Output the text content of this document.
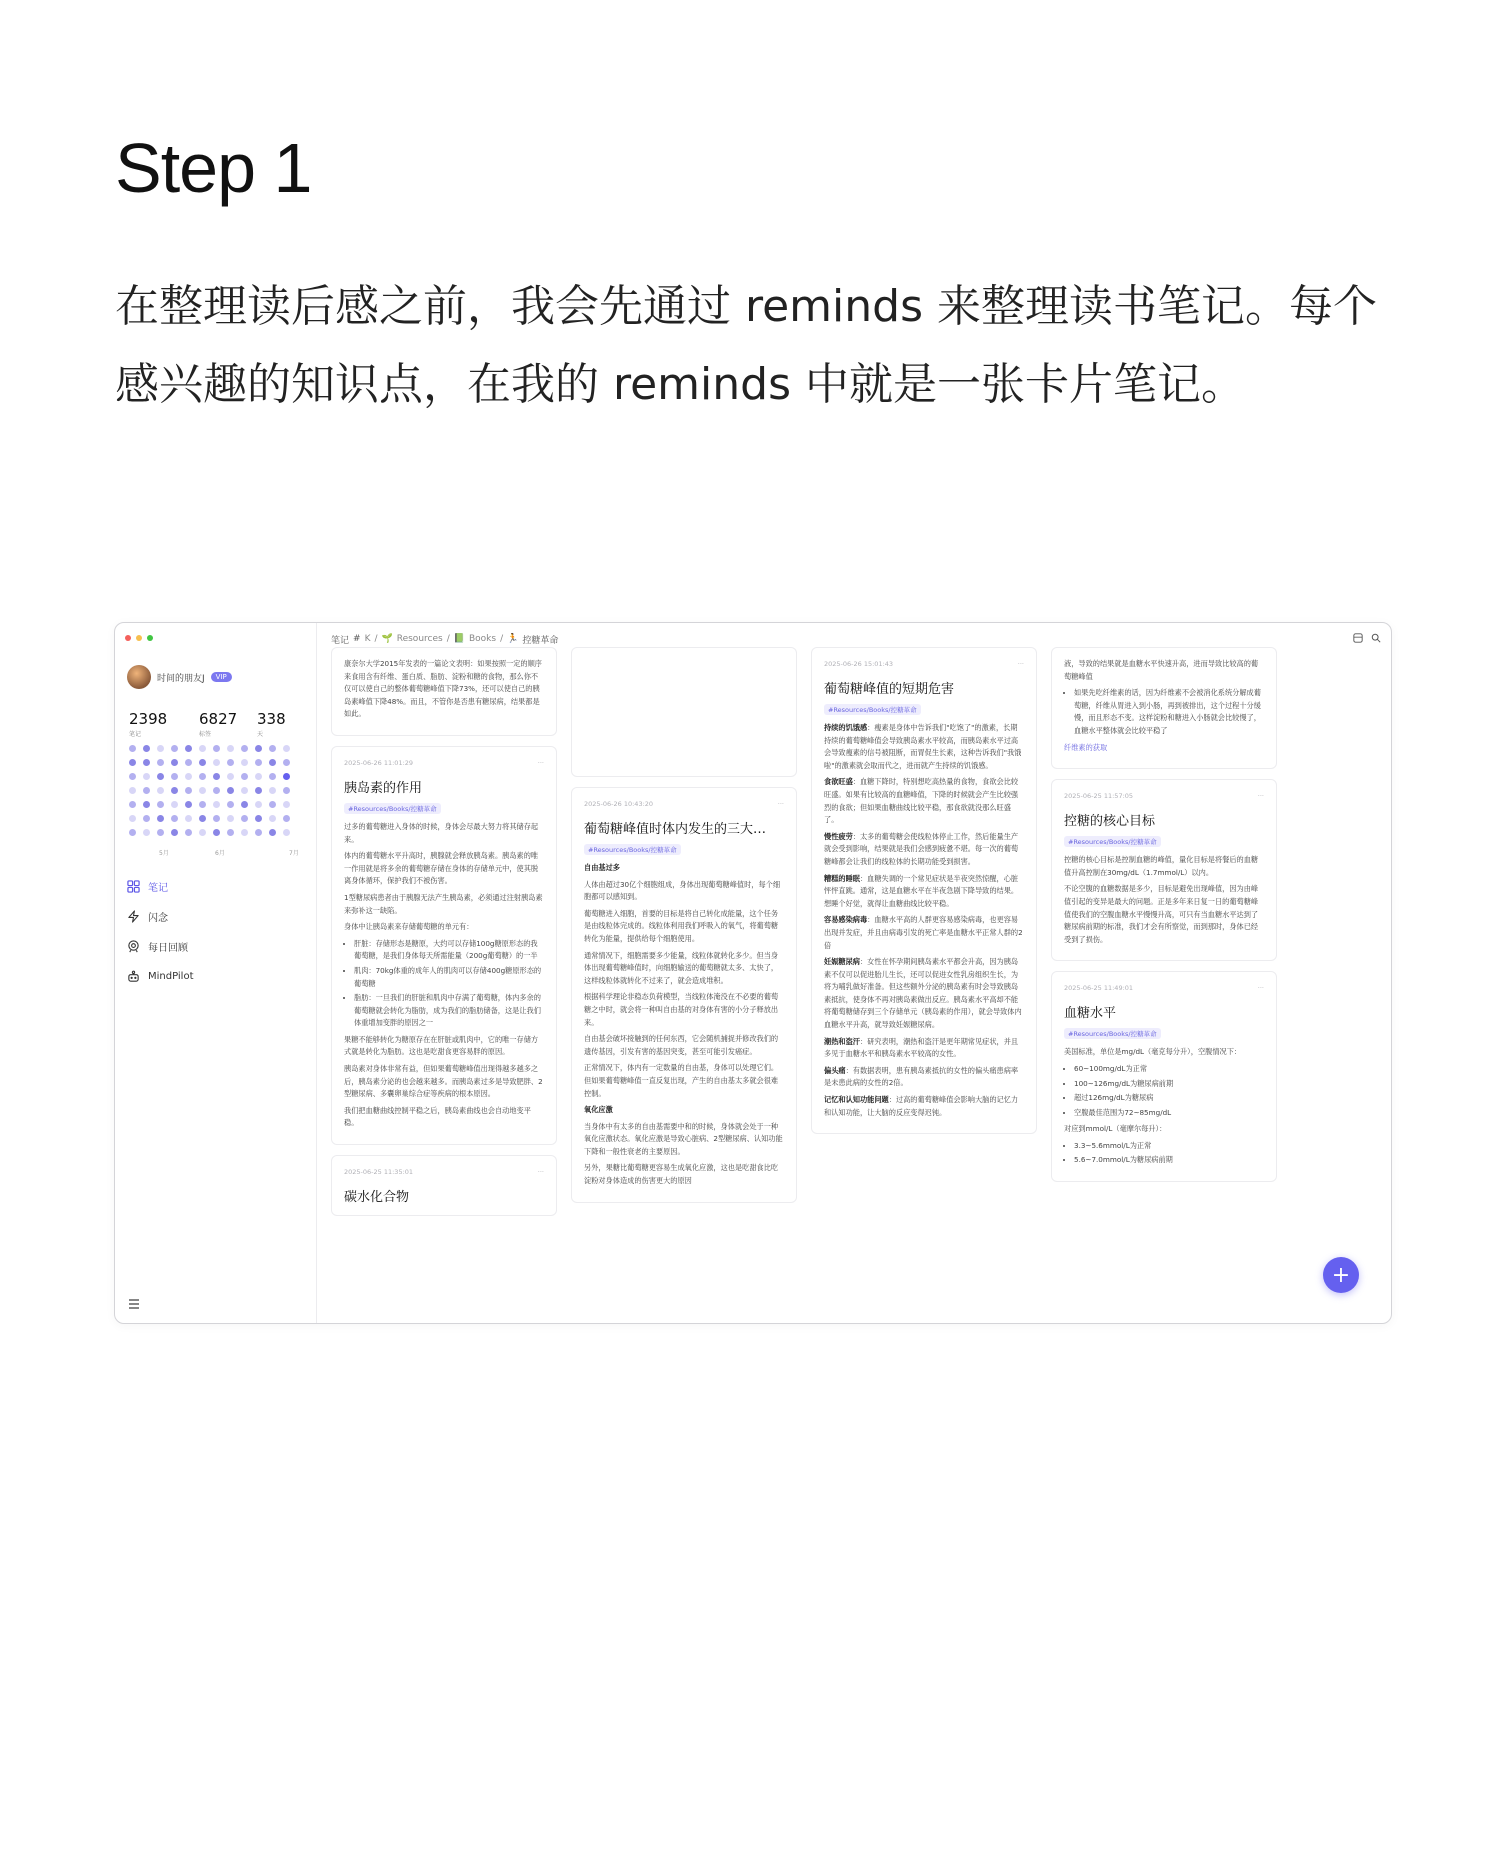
Step 1
在整理读后感之前，我会先通过 reminds 来整理读书笔记。每个感兴趣的知识点，在我的 reminds 中就是一张卡片笔记。
时间的朋友J	VIP
2398
笔记
6827
标签
338
天
5月	6月	7月
笔记
闪念
每日回顾
MindPilot
笔记 # K / 🌱 Resources / 📗 Books / 🏃 控糖革命

康奈尔大学2015年发表的一篇论文表明：如果按照一定的顺序来食用含有纤维、蛋白质、脂肪、淀粉和糖的食物，那么你不仅可以使自己的整体葡萄糖峰值下降73%，还可以使自己的胰岛素峰值下降48%。而且，不管你是否患有糖尿病，结果都是如此。

2025-06-26 11:01:29	···
胰岛素的作用
#Resources/Books/控糖革命

过多的葡萄糖进入身体的时候，身体会尽最大努力将其储存起来。

体内的葡萄糖水平升高时，胰腺就会释放胰岛素。胰岛素的唯一作用就是将多余的葡萄糖存储在身体的存储单元中，使其脱离身体循环，保护我们不被伤害。

1型糖尿病患者由于胰腺无法产生胰岛素，必须通过注射胰岛素来弥补这一缺陷。

身体中让胰岛素来存储葡萄糖的单元有：

• 肝脏：存储形态是糖原，大约可以存储100g糖原形态的我葡萄糖，是我们身体每天所需能量（200g葡萄糖）的一半
• 肌肉：70kg体重的成年人的肌肉可以存储400g糖原形态的葡萄糖
• 脂肪：一旦我们的肝脏和肌肉中存满了葡萄糖，体内多余的葡萄糖就会转化为脂肪，成为我们的脂肪储备，这是让我们体重增加变胖的原因之一

果糖不能够转化为糖原存在在肝脏或肌肉中，它的唯一存储方式就是转化为脂肪。这也是吃甜食更容易胖的原因。

胰岛素对身体非常有益，但如果葡萄糖峰值出现得越多越多之后，胰岛素分泌的也会越来越多。而胰岛素过多是导致肥胖、2型糖尿病、多囊卵巢综合症等疾病的根本原因。

我们把血糖曲线控制平稳之后，胰岛素曲线也会自动地变平稳。

2025-06-25 11:35:01	···
碳水化合物
2025-06-26 10:43:20	···
葡萄糖峰值时体内发生的三大…
#Resources/Books/控糖革命

自由基过多

人体由超过30亿个细胞组成，身体出现葡萄糖峰值时，每个细胞都可以感知到。

葡萄糖进入细胞，首要的目标是将自己转化成能量，这个任务是由线粒体完成的。线粒体利用我们呼吸入的氧气，将葡萄糖转化为能量，提供给每个细胞使用。

通常情况下，细胞需要多少能量，线粒体就转化多少。但当身体出现葡萄糖峰值时，向细胞输送的葡萄糖就太多、太快了，这样线粒体就转化不过来了，就会造成堆积。

根据科学理论非稳态负荷模型，当线粒体淹没在不必要的葡萄糖之中时，就会将一种叫自由基的对身体有害的小分子释放出来。

自由基会破坏接触到的任何东西，它会随机捕捉并修改我们的遗传基因，引发有害的基因突变，甚至可能引发癌症。

正常情况下，体内有一定数量的自由基，身体可以处理它们。但如果葡萄糖峰值一直反复出现，产生的自由基太多就会很难控制。

氧化应激

当身体中有太多的自由基需要中和的时候，身体就会处于一种氧化应激状态。氧化应激是导致心脏病、2型糖尿病、认知功能下降和一般性衰老的主要原因。

另外，果糖比葡萄糖更容易生成氧化应激，这也是吃甜食比吃淀粉对身体造成的伤害更大的原因

2025-06-26 15:01:43	···
葡萄糖峰值的短期危害
#Resources/Books/控糖革命

持续的饥饿感：瘦素是身体中告诉我们"吃饱了"的激素，长期持续的葡萄糖峰值会导致胰岛素水平较高，而胰岛素水平过高会导致瘦素的信号被阻断，而胃促生长素，这种告诉我们"我饿啦"的激素就会取而代之，进而就产生持续的饥饿感。

食欲旺盛：血糖下降时，特别想吃高热量的食物，食欲会比较旺盛。如果有比较高的血糖峰值，下降的时候就会产生比较强烈的食欲；但如果血糖曲线比较平稳，那食欲就没那么旺盛了。

慢性疲劳：太多的葡萄糖会使线粒体停止工作，然后能量生产就会受到影响，结果就是我们会感到疲惫不堪。每一次的葡萄糖峰都会让我们的线粒体的长期功能受到损害。

糟糕的睡眠：血糖失调的一个常见症状是半夜突然惊醒，心脏怦怦直跳。通常，这是血糖水平在半夜急剧下降导致的结果。想睡个好觉，就得让血糖曲线比较平稳。

容易感染病毒：血糖水平高的人群更容易感染病毒，也更容易出现并发症，并且由病毒引发的死亡率是血糖水平正常人群的2倍

妊娠糖尿病：女性在怀孕期间胰岛素水平都会升高，因为胰岛素不仅可以促进胎儿生长，还可以促进女性乳房组织生长，为将为哺乳做好准备。但这些额外分泌的胰岛素有时会导致胰岛素抵抗，使身体不再对胰岛素做出反应。胰岛素水平高却不能将葡萄糖储存到三个存储单元（胰岛素的作用），就会导致体内血糖水平升高，就导致妊娠糖尿病。

潮热和盗汗：研究表明，潮热和盗汗是更年期常见症状，并且多见于血糖水平和胰岛素水平较高的女性。

偏头痛：有数据表明，患有胰岛素抵抗的女性的偏头痛患病率是未患此病的女性的2倍。

记忆和认知功能问题：过高的葡萄糖峰值会影响大脑的记忆力和认知功能，让大脑的反应变得迟钝。

液，导致的结果就是血糖水平快速升高，进而导致比较高的葡萄糖峰值

• 如果先吃纤维素的话，因为纤维素不会被消化系统分解成葡萄糖，纤维从胃进入到小肠，再到被排出，这个过程十分缓慢，而且形态不变。这样淀粉和糖进入小肠就会比较慢了，血糖水平整体就会比较平稳了

纤维素的获取

2025-06-25 11:57:05	···
控糖的核心目标
#Resources/Books/控糖革命

控糖的核心目标是控制血糖的峰值，量化目标是将餐后的血糖值升高控制在30mg/dL（1.7mmol/L）以内。

不论空腹的血糖数据是多少，目标是避免出现峰值，因为由峰值引起的变异是最大的问题。正是多年来日复一日的葡萄糖峰值使我们的空腹血糖水平慢慢升高，可只有当血糖水平达到了糖尿病前期的标准，我们才会有所察觉，而到那时，身体已经受到了损伤。

2025-06-25 11:49:01	···
血糖水平
#Resources/Books/控糖革命

美国标准，单位是mg/dL（毫克每分升），空腹情况下：

• 60~100mg/dL为正常
• 100~126mg/dL为糖尿病前期
• 超过126mg/dL为糖尿病
• 空腹最佳范围为72~85mg/dL

对应到mmol/L（毫摩尔每升）：

• 3.3~5.6mmol/L为正常
• 5.6~7.0mmol/L为糖尿病前期
+
